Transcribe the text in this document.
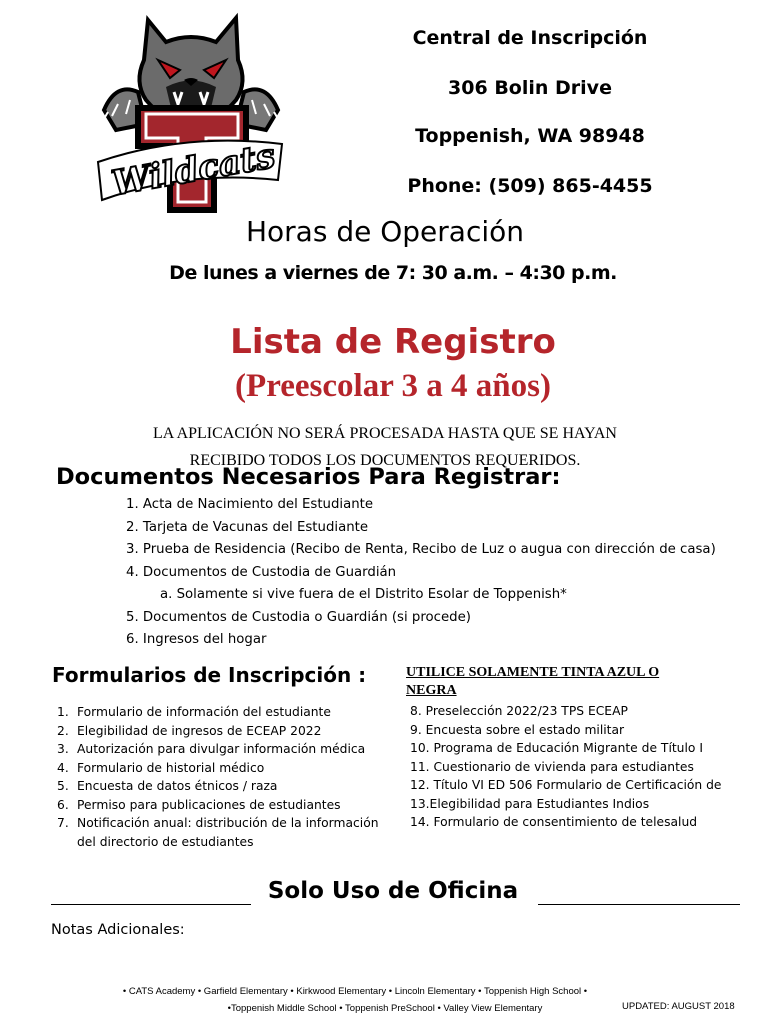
Wildcats
Central de Inscripción
306 Bolin Drive
Toppenish, WA 98948
Phone: (509) 865-4455
Horas de Operación
De lunes a viernes de 7: 30 a.m. – 4:30 p.m.
Lista de Registro
(Preescolar 3 a 4 años)
LA APLICACIÓN NO SERÁ PROCESADA HASTA QUE SE HAYAN
RECIBIDO TODOS LOS DOCUMENTOS REQUERIDOS.
Documentos Necesarios Para Registrar:
1. Acta de Nacimiento del Estudiante
2. Tarjeta de Vacunas del Estudiante
3. Prueba de Residencia (Recibo de Renta, Recibo de Luz o augua con dirección de casa)
4. Documentos de Custodia de Guardián
a. Solamente si vive fuera de el Distrito Esolar de Toppenish*
5. Documentos de Custodia o Guardián (si procede)
6. Ingresos del hogar
Formularios de Inscripción :	UTILICE SOLAMENTE TINTA AZUL O NEGRA
1. Formulario de información del estudiante
2. Elegibilidad de ingresos de ECEAP 2022
3. Autorización para divulgar información médica
4. Formulario de historial médico
5. Encuesta de datos étnicos / raza
6. Permiso para publicaciones de estudiantes
7. Notificación anual: distribución de la información del directorio de estudiantes
8. Preselección 2022/23 TPS ECEAP
9. Encuesta sobre el estado militar
10. Programa de Educación Migrante de Título I
11. Cuestionario de vivienda para estudiantes
12. Título VI ED 506 Formulario de Certificación de
13.Elegibilidad para Estudiantes Indios
14. Formulario de consentimiento de telesalud
Solo Uso de Oficina
Notas Adicionales:
• CATS Academy • Garfield Elementary • Kirkwood Elementary • Lincoln Elementary • Toppenish High School •
•Toppenish Middle School • Toppenish PreSchool • Valley View Elementary	UPDATED: AUGUST 2018
